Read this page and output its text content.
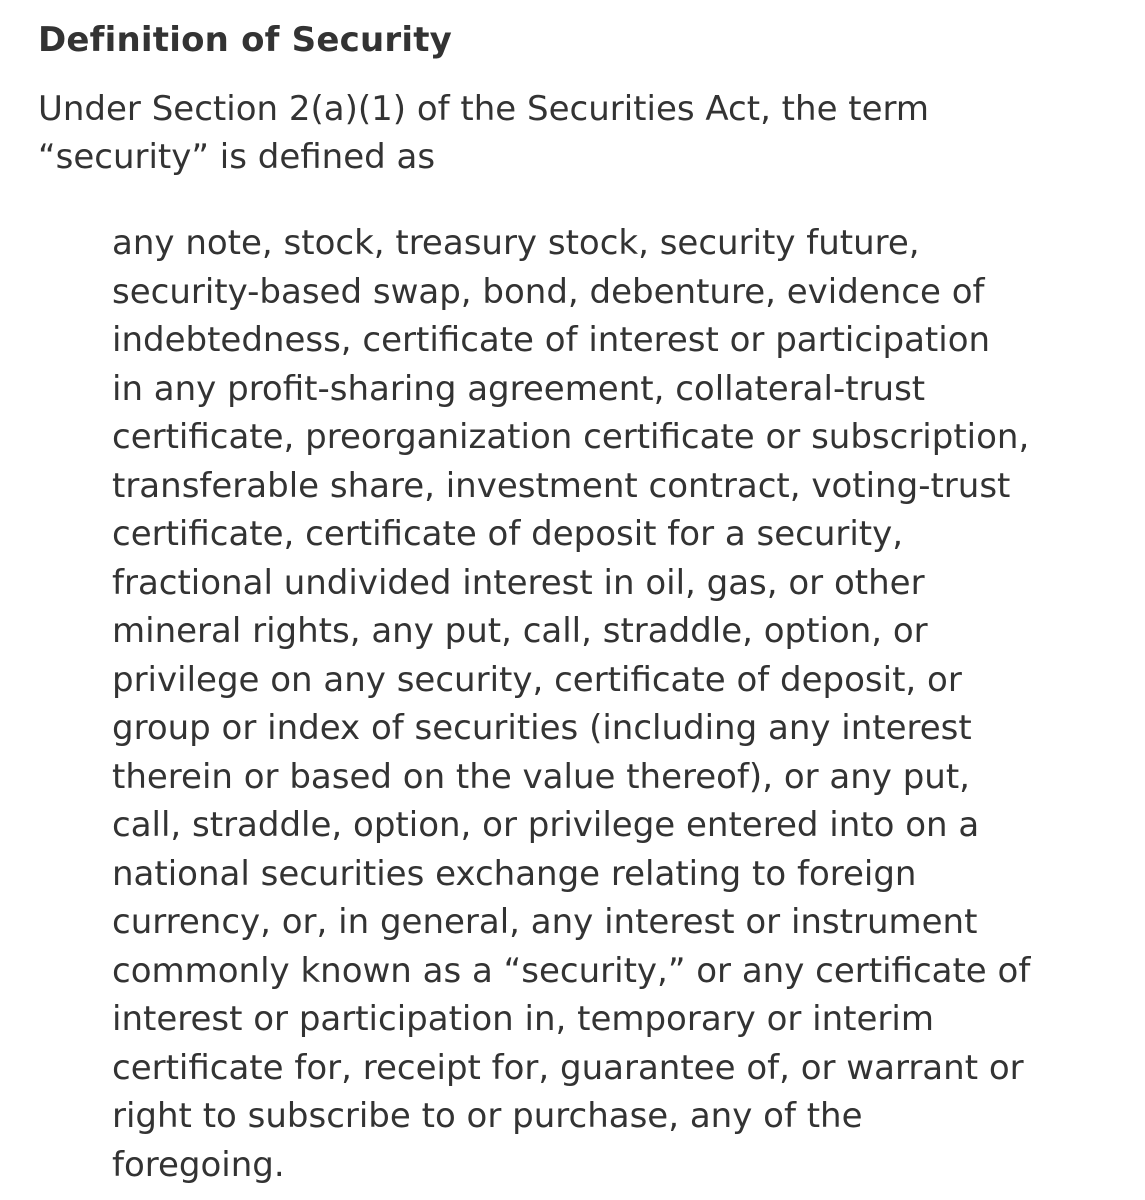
Definition of Security

Under Section 2(a)(1) of the Securities Act, the term
“security” is defined as

any note, stock, treasury stock, security future,
security-based swap, bond, debenture, evidence of
indebtedness, certificate of interest or participation
in any profit-sharing agreement, collateral-trust
certificate, preorganization certificate or subscription,
transferable share, investment contract, voting-trust
certificate, certificate of deposit for a security,
fractional undivided interest in oil, gas, or other
mineral rights, any put, call, straddle, option, or
privilege on any security, certificate of deposit, or
group or index of securities (including any interest
therein or based on the value thereof), or any put,
call, straddle, option, or privilege entered into on a
national securities exchange relating to foreign
currency, or, in general, any interest or instrument
commonly known as a “security,” or any certificate of
interest or participation in, temporary or interim
certificate for, receipt for, guarantee of, or warrant or
right to subscribe to or purchase, any of the
foregoing.
